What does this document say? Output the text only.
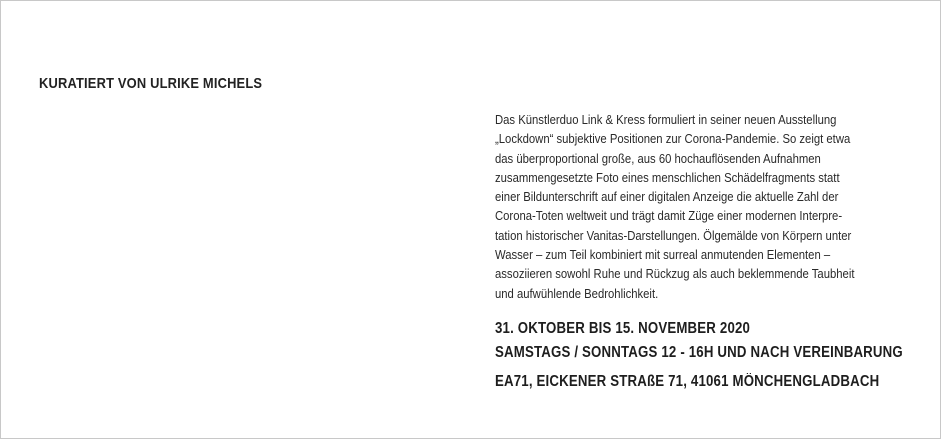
KURATIERT VON ULRIKE MICHELS

Das Künstlerduo Link & Kress formuliert in seiner neuen Ausstellung
„Lockdown“ subjektive Positionen zur Corona-Pandemie. So zeigt etwa
das überproportional große, aus 60 hochauflösenden Aufnahmen
zusammengesetzte Foto eines menschlichen Schädelfragments statt
einer Bildunterschrift auf einer digitalen Anzeige die aktuelle Zahl der
Corona-Toten weltweit und trägt damit Züge einer modernen Interpre-
tation historischer Vanitas-Darstellungen. Ölgemälde von Körpern unter
Wasser – zum Teil kombiniert mit surreal anmutenden Elementen –
assoziieren sowohl Ruhe und Rückzug als auch beklemmende Taubheit
und aufwühlende Bedrohlichkeit.

31. OKTOBER BIS 15. NOVEMBER 2020
SAMSTAGS / SONNTAGS 12 - 16H UND NACH VEREINBARUNG
EA71, EICKENER STRAßE 71, 41061 MÖNCHENGLADBACH
